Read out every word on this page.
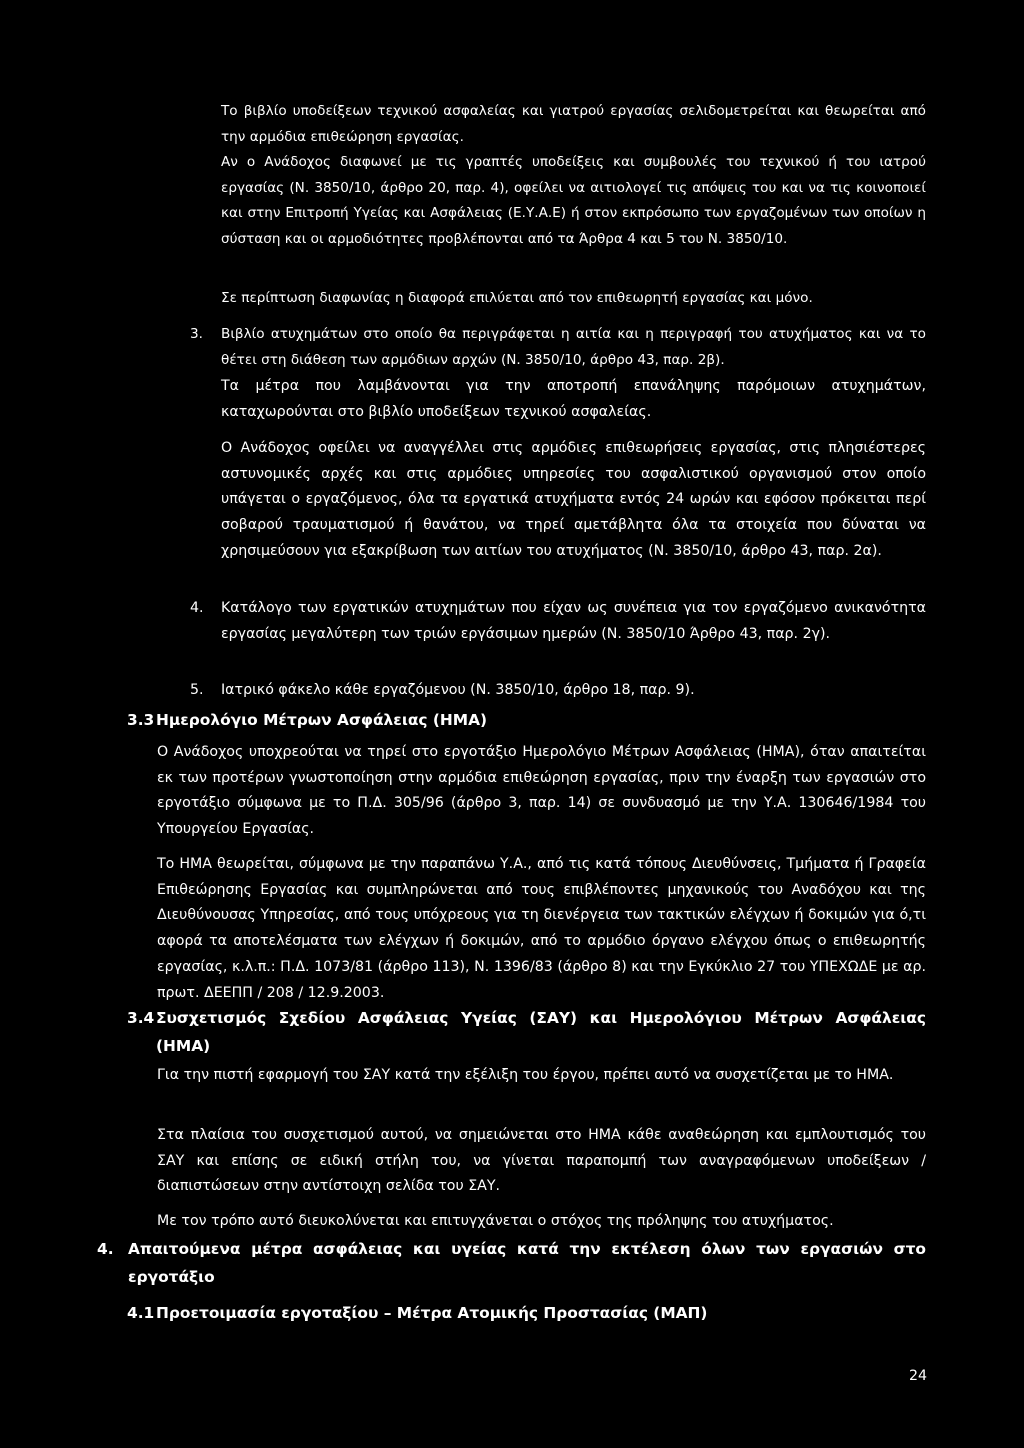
Το βιβλίο υποδείξεων τεχνικού ασφαλείας και γιατρού εργασίας σελιδομετρείται και θεωρείται από την αρμόδια επιθεώρηση εργασίας.

Αν ο Ανάδοχος διαφωνεί με τις γραπτές υποδείξεις και συμβουλές του τεχνικού ή του ιατρού εργασίας (Ν. 3850/10, άρθρο 20, παρ. 4), οφείλει να αιτιολογεί τις απόψεις του και να τις κοινοποιεί και στην Επιτροπή Υγείας και Ασφάλειας (Ε.Υ.Α.Ε) ή στον εκπρόσωπο των εργαζομένων των οποίων η σύσταση και οι αρμοδιότητες προβλέπονται από τα Άρθρα 4 και 5 του Ν. 3850/10.

Σε περίπτωση διαφωνίας η διαφορά επιλύεται από τον επιθεωρητή εργασίας και μόνο.

3. Βιβλίο ατυχημάτων στο οποίο θα περιγράφεται η αιτία και η περιγραφή του ατυχήματος και να το θέτει στη διάθεση των αρμόδιων αρχών (Ν. 3850/10, άρθρο 43, παρ. 2β).

Τα μέτρα που λαμβάνονται για την αποτροπή επανάληψης παρόμοιων ατυχημάτων, καταχωρούνται στο βιβλίο υποδείξεων τεχνικού ασφαλείας.

Ο Ανάδοχος οφείλει να αναγγέλλει στις αρμόδιες επιθεωρήσεις εργασίας, στις πλησιέστερες αστυνομικές αρχές και στις αρμόδιες υπηρεσίες του ασφαλιστικού οργανισμού στον οποίο υπάγεται ο εργαζόμενος, όλα τα εργατικά ατυχήματα εντός 24 ωρών και εφόσον πρόκειται περί σοβαρού τραυματισμού ή θανάτου, να τηρεί αμετάβλητα όλα τα στοιχεία που δύναται να χρησιμεύσουν για εξακρίβωση των αιτίων του ατυχήματος (Ν. 3850/10, άρθρο 43, παρ. 2α).

4. Κατάλογο των εργατικών ατυχημάτων που είχαν ως συνέπεια για τον εργαζόμενο ανικανότητα εργασίας μεγαλύτερη των τριών εργάσιμων ημερών (Ν. 3850/10 Άρθρο 43, παρ. 2γ).

5. Ιατρικό φάκελο κάθε εργαζόμενου (Ν. 3850/10, άρθρο 18, παρ. 9).

3.3 Ημερολόγιο Μέτρων Ασφάλειας (ΗΜΑ)

Ο Ανάδοχος υποχρεούται να τηρεί στο εργοτάξιο Ημερολόγιο Μέτρων Ασφάλειας (ΗΜΑ), όταν απαιτείται εκ των προτέρων γνωστοποίηση στην αρμόδια επιθεώρηση εργασίας, πριν την έναρξη των εργασιών στο εργοτάξιο σύμφωνα με το Π.Δ. 305/96 (άρθρο 3, παρ. 14) σε συνδυασμό με την Υ.Α. 130646/1984 του Υπουργείου Εργασίας.

Το ΗΜΑ θεωρείται, σύμφωνα με την παραπάνω Υ.Α., από τις κατά τόπους Διευθύνσεις, Τμήματα ή Γραφεία Επιθεώρησης Εργασίας και συμπληρώνεται από τους επιβλέποντες μηχανικούς του Αναδόχου και της Διευθύνουσας Υπηρεσίας, από τους υπόχρεους για τη διενέργεια των τακτικών ελέγχων ή δοκιμών για ό,τι αφορά τα αποτελέσματα των ελέγχων ή δοκιμών, από το αρμόδιο όργανο ελέγχου όπως ο επιθεωρητής εργασίας, κ.λ.π.: Π.Δ. 1073/81 (άρθρο 113), Ν. 1396/83 (άρθρο 8) και την Εγκύκλιο 27 του ΥΠΕΧΩΔΕ με αρ. πρωτ. ΔΕΕΠΠ / 208 / 12.9.2003.

3.4 Συσχετισμός Σχεδίου Ασφάλειας Υγείας (ΣΑΥ) και Ημερολόγιου Μέτρων Ασφάλειας (ΗΜΑ)

Για την πιστή εφαρμογή του ΣΑΥ κατά την εξέλιξη του έργου, πρέπει αυτό να συσχετίζεται με το ΗΜΑ.

Στα πλαίσια του συσχετισμού αυτού, να σημειώνεται στο ΗΜΑ κάθε αναθεώρηση και εμπλουτισμός του ΣΑΥ και επίσης σε ειδική στήλη του, να γίνεται παραπομπή των αναγραφόμενων υποδείξεων / διαπιστώσεων στην αντίστοιχη σελίδα του ΣΑΥ.

Με τον τρόπο αυτό διευκολύνεται και επιτυγχάνεται ο στόχος της πρόληψης του ατυχήματος.

4. Απαιτούμενα μέτρα ασφάλειας και υγείας κατά την εκτέλεση όλων των εργασιών στο εργοτάξιο
4.1 Προετοιμασία εργοταξίου – Μέτρα Ατομικής Προστασίας (ΜΑΠ)
24
